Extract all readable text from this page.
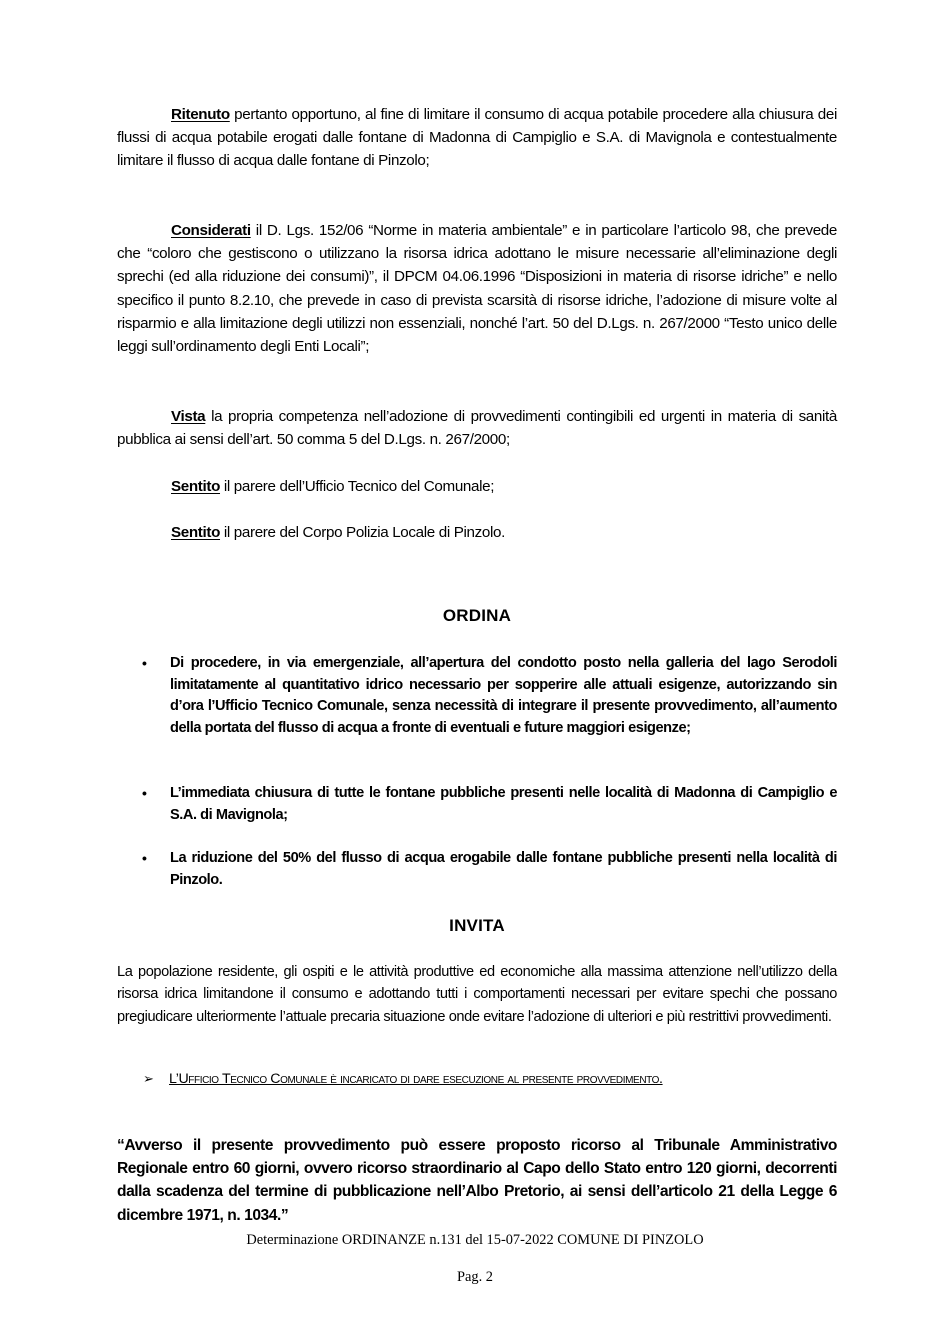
Ritenuto pertanto opportuno, al fine di limitare il consumo di acqua potabile procedere alla chiusura dei flussi di acqua potabile erogati dalle fontane di Madonna di Campiglio e S.A. di Mavignola e contestualmente limitare il flusso di acqua dalle fontane di Pinzolo;

Considerati il D. Lgs. 152/06 “Norme in materia ambientale” e in particolare l’articolo 98, che prevede che “coloro che gestiscono o utilizzano la risorsa idrica adottano le misure necessarie all’eliminazione degli sprechi (ed alla riduzione dei consumi)”, il DPCM 04.06.1996 “Disposizioni in materia di risorse idriche” e nello specifico il punto 8.2.10, che prevede in caso di prevista scarsità di risorse idriche, l’adozione di misure volte al risparmio e alla limitazione degli utilizzi non essenziali, nonché l’art. 50 del D.Lgs. n. 267/2000 “Testo unico delle leggi sull’ordinamento degli Enti Locali”;

Vista la propria competenza nell’adozione di provvedimenti contingibili ed urgenti in materia di sanità pubblica ai sensi dell’art. 50 comma 5 del D.Lgs. n. 267/2000;

Sentito il parere dell’Ufficio Tecnico del Comunale;

Sentito il parere del Corpo Polizia Locale di Pinzolo.

ORDINA
• Di procedere, in via emergenziale, all’apertura del condotto posto nella galleria del lago Serodoli limitatamente al quantitativo idrico necessario per sopperire alle attuali esigenze, autorizzando sin d’ora l’Ufficio Tecnico Comunale, senza necessità di integrare il presente provvedimento, all’aumento della portata del flusso di acqua a fronte di eventuali e future maggiori esigenze;
• L’immediata chiusura di tutte le fontane pubbliche presenti nelle località di Madonna di Campiglio e S.A. di Mavignola;
• La riduzione del 50% del flusso di acqua erogabile dalle fontane pubbliche presenti nella località di Pinzolo.
INVITA

La popolazione residente, gli ospiti e le attività produttive ed economiche alla massima attenzione nell’utilizzo della risorsa idrica limitandone il consumo e adottando tutti i comportamenti necessari per evitare spechi che possano pregiudicare ulteriormente l’attuale precaria situazione onde evitare l’adozione di ulteriori e più restrittivi provvedimenti.

➢ L’Ufficio Tecnico Comunale è incaricato di dare esecuzione al presente provvedimento.

“Avverso il presente provvedimento può essere proposto ricorso al Tribunale Amministrativo Regionale entro 60 giorni, ovvero ricorso straordinario al Capo dello Stato entro 120 giorni, decorrenti dalla scadenza del termine di pubblicazione nell’Albo Pretorio, ai sensi dell’articolo 21 della Legge 6 dicembre 1971, n. 1034.”

Determinazione ORDINANZE n.131 del 15-07-2022 COMUNE DI PINZOLO
Pag. 2
